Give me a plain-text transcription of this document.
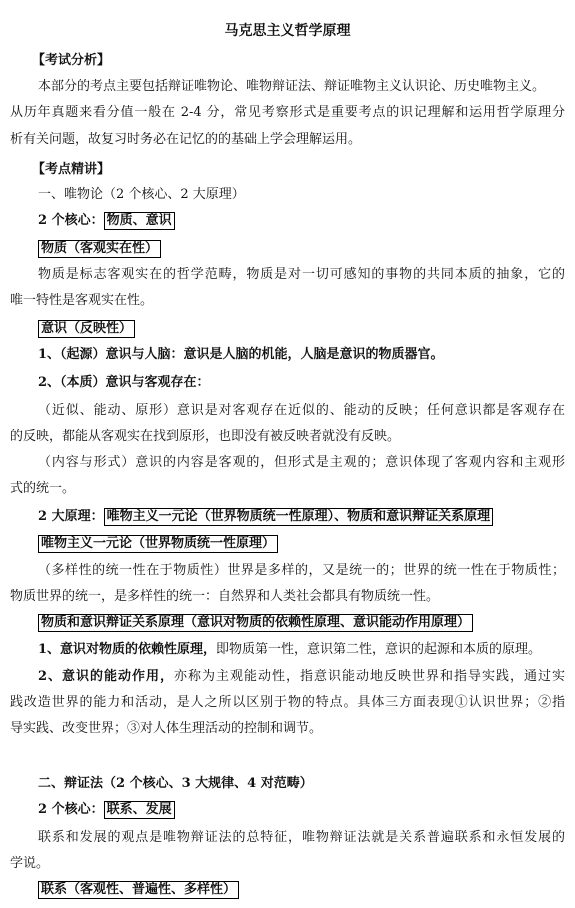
马克思主义哲学原理
【考试分析】
本部分的考点主要包括辩证唯物论、唯物辩证法、辩证唯物主义认识论、历史唯物主义。
从历年真题来看分值一般在 2-4 分，常见考察形式是重要考点的识记理解和运用哲学原理分
析有关问题，故复习时务必在记忆的的基础上学会理解运用。
【考点精讲】
一、唯物论（2 个核心、2 大原理）
2 个核心： 物质、意识
物质（客观实在性）
物质是标志客观实在的哲学范畴，物质是对一切可感知的事物的共同本质的抽象，它的
唯一特性是客观实在性。
意识（反映性）
1、（起源）意识与人脑：意识是人脑的机能，人脑是意识的物质器官。
2、（本质）意识与客观存在：
（近似、能动、原形）意识是对客观存在近似的、能动的反映；任何意识都是客观存在
的反映，都能从客观实在找到原形，也即没有被反映者就没有反映。
（内容与形式）意识的内容是客观的，但形式是主观的；意识体现了客观内容和主观形
式的统一。
2 大原理： 唯物主义一元论（世界物质统一性原理）、物质和意识辩证关系原理
唯物主义一元论（世界物质统一性原理）
（多样性的统一性在于物质性）世界是多样的，又是统一的；世界的统一性在于物质性；
物质世界的统一，是多样性的统一：自然界和人类社会都具有物质统一性。
物质和意识辩证关系原理（意识对物质的依赖性原理、意识能动作用原理）
1、意识对物质的依赖性原理，即物质第一性，意识第二性，意识的起源和本质的原理。
2、意识的能动作用，亦称为主观能动性，指意识能动地反映世界和指导实践，通过实
践改造世界的能力和活动，是人之所以区别于物的特点。具体三方面表现①认识世界；②指
导实践、改变世界；③对人体生理活动的控制和调节。
二、辩证法（2 个核心、3 大规律、4 对范畴）
2 个核心： 联系、发展
联系和发展的观点是唯物辩证法的总特征，唯物辩证法就是关系普遍联系和永恒发展的
学说。
联系（客观性、普遍性、多样性）
